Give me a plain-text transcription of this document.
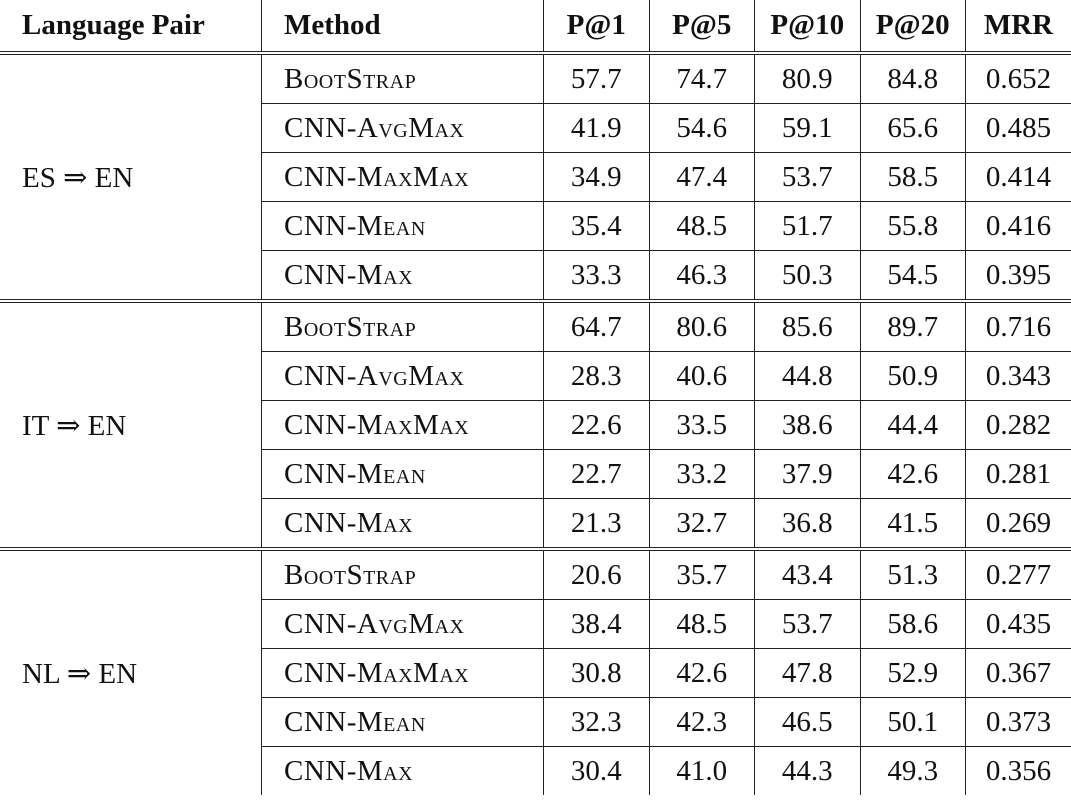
Language Pair	Method	P@1	P@5	P@10	P@20	MRR
ES ⇒ EN	BootStrap	57.7	74.7	80.9	84.8	0.652
	CNN-AvgMax	41.9	54.6	59.1	65.6	0.485
	CNN-MaxMax	34.9	47.4	53.7	58.5	0.414
	CNN-Mean	35.4	48.5	51.7	55.8	0.416
	CNN-Max	33.3	46.3	50.3	54.5	0.395
IT ⇒ EN	BootStrap	64.7	80.6	85.6	89.7	0.716
	CNN-AvgMax	28.3	40.6	44.8	50.9	0.343
	CNN-MaxMax	22.6	33.5	38.6	44.4	0.282
	CNN-Mean	22.7	33.2	37.9	42.6	0.281
	CNN-Max	21.3	32.7	36.8	41.5	0.269
NL ⇒ EN	BootStrap	20.6	35.7	43.4	51.3	0.277
	CNN-AvgMax	38.4	48.5	53.7	58.6	0.435
	CNN-MaxMax	30.8	42.6	47.8	52.9	0.367
	CNN-Mean	32.3	42.3	46.5	50.1	0.373
	CNN-Max	30.4	41.0	44.3	49.3	0.356
